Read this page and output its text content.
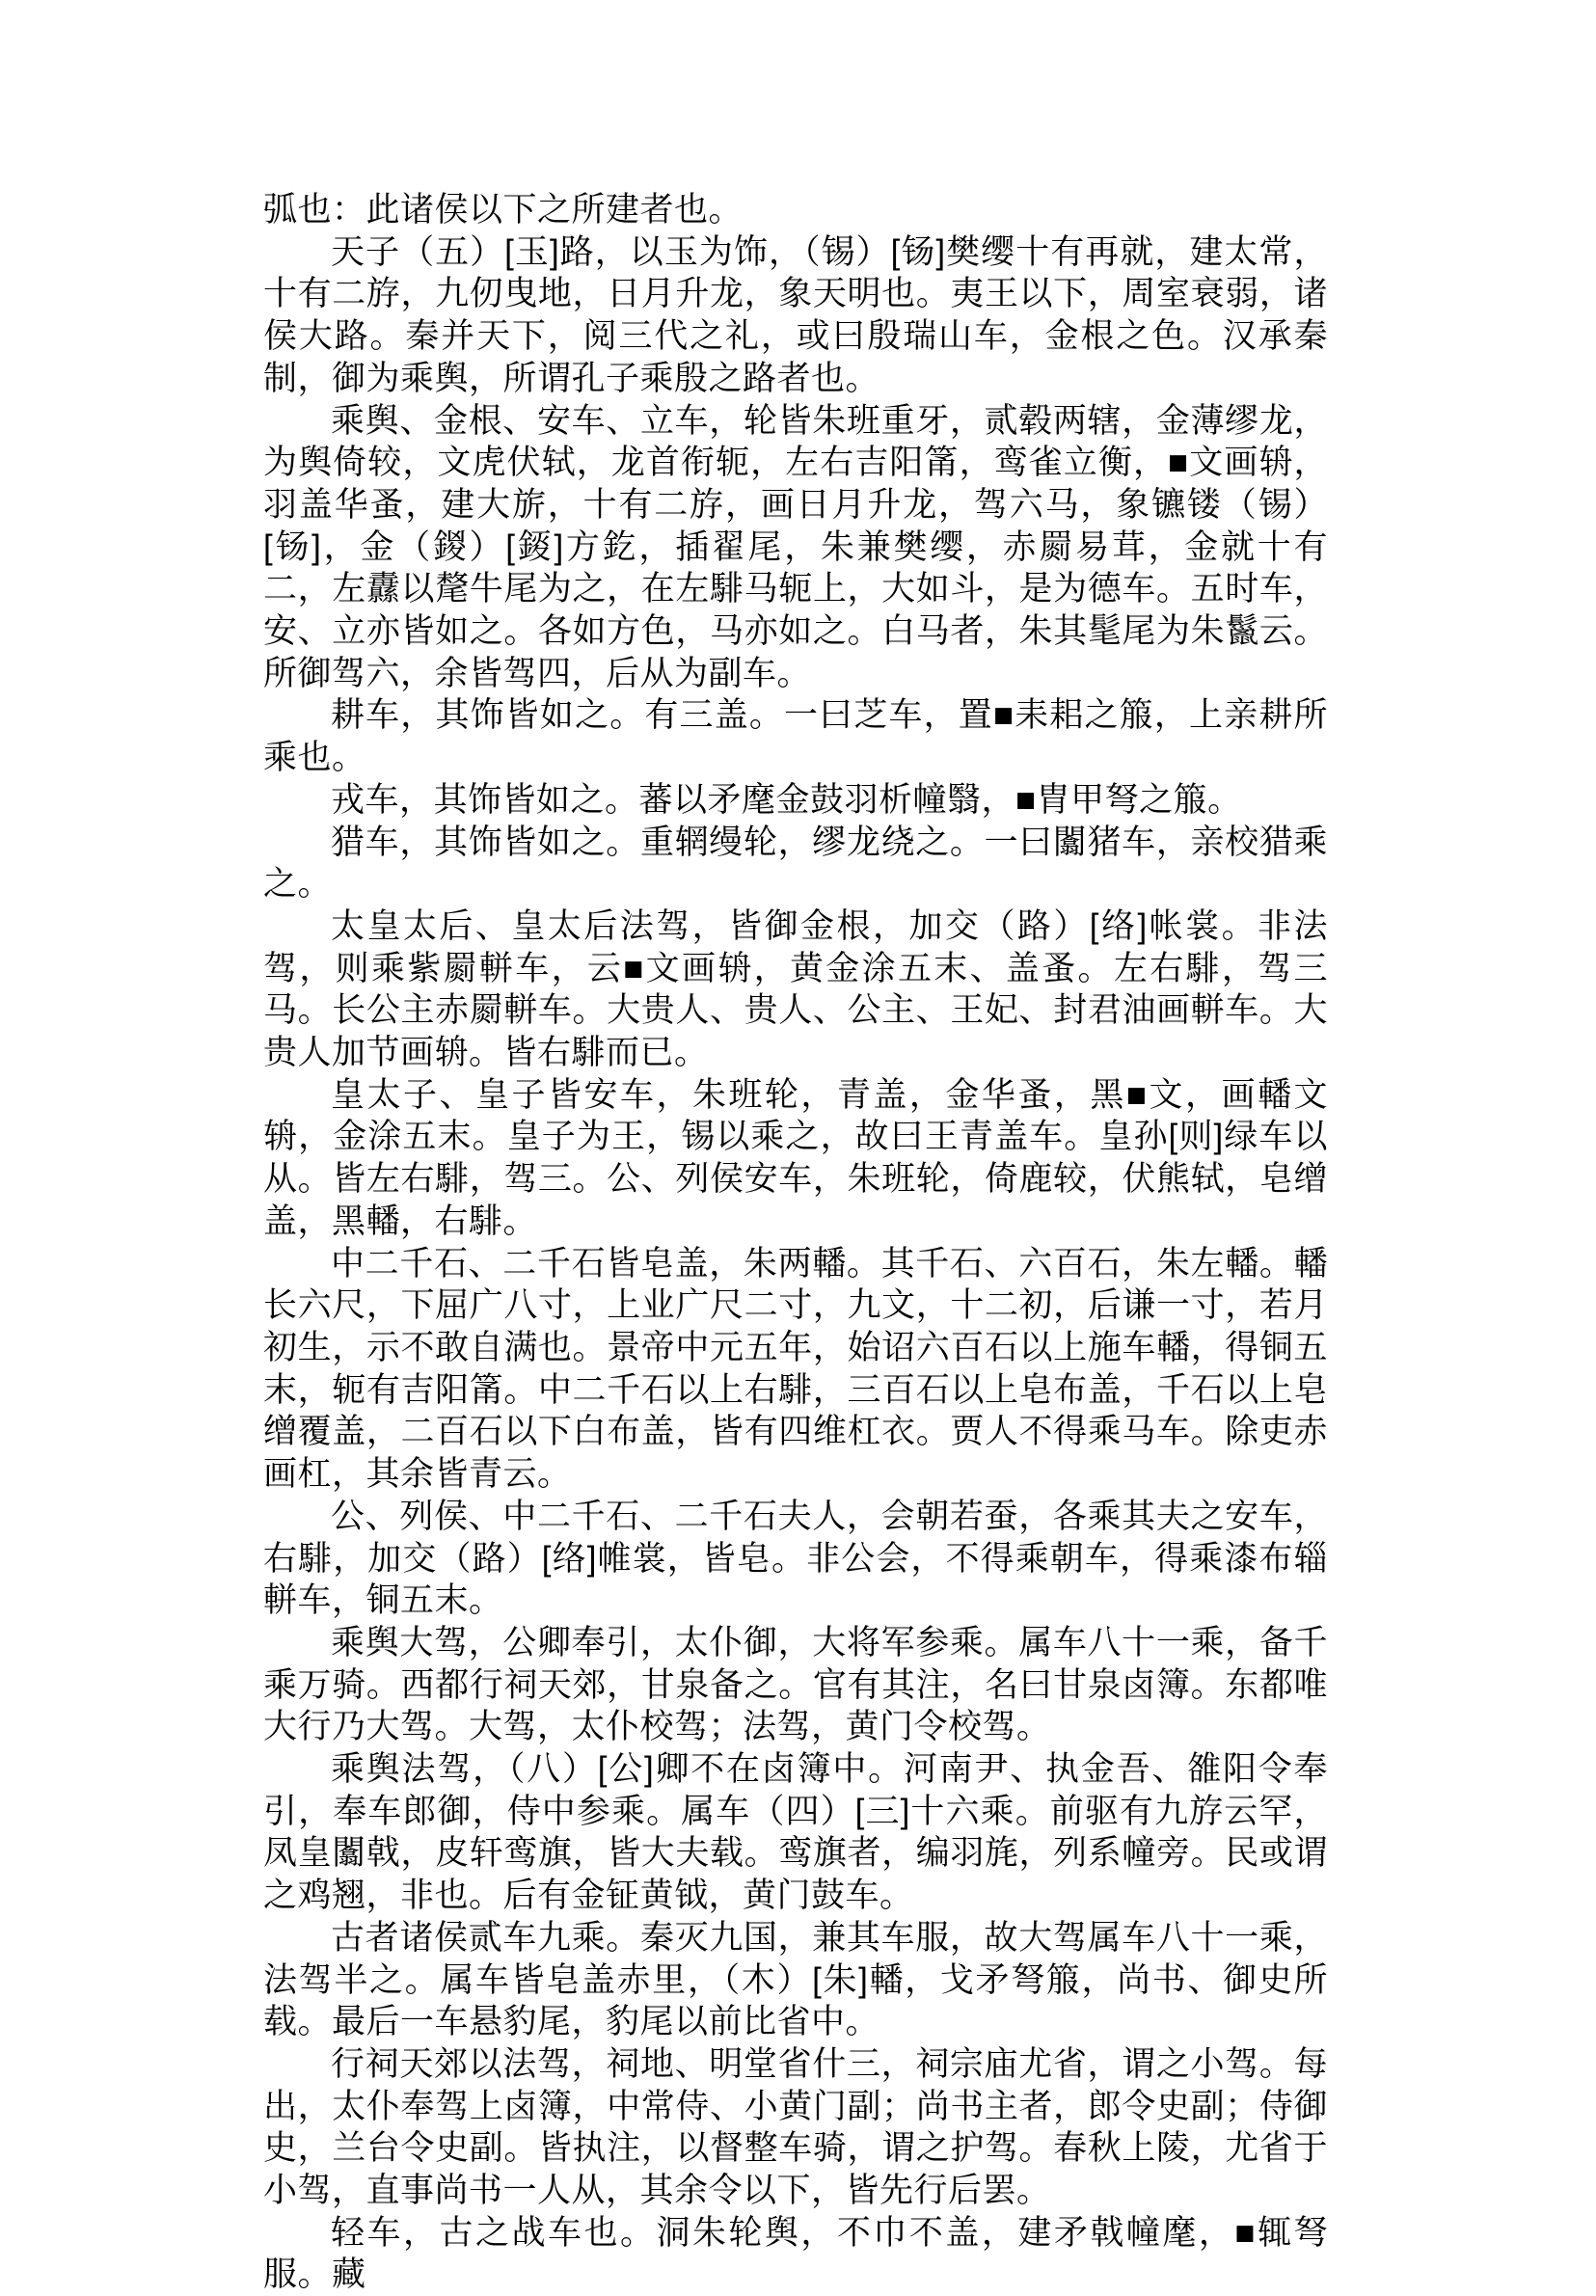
弧也：此诸侯以下之所建者也。

天子（五）[玉]路，以玉为饰，（锡）[钖]樊缨十有再就，建太常，十有二斿，九仞曳地，日月升龙，象天明也。夷王以下，周室衰弱，诸侯大路。秦并天下，阅三代之礼，或曰殷瑞山车，金根之色。汉承秦制，御为乘舆，所谓孔子乘殷之路者也。

乘舆、金根、安车、立车，轮皆朱班重牙，贰毂两辖，金薄缪龙，为舆倚较，文虎伏轼，龙首衔轭，左右吉阳筩，鸾雀立衡，■文画辀，羽盖华蚤，建大旂，十有二斿，画日月升龙，驾六马，象镳镂（锡）[钖]，金（鍐）[錽]方釳，插翟尾，朱兼樊缨，赤罽易茸，金就十有二，左纛以氂牛尾为之，在左騑马轭上，大如斗，是为德车。五时车，安、立亦皆如之。各如方色，马亦如之。白马者，朱其髦尾为朱鬣云。所御驾六，余皆驾四，后从为副车。

耕车，其饰皆如之。有三盖。一曰芝车，置■耒耜之箙，上亲耕所乘也。

戎车，其饰皆如之。蕃以矛麾金鼓羽析幢翳，■胄甲弩之箙。

猎车，其饰皆如之。重辋缦轮，缪龙绕之。一曰闟猪车，亲校猎乘之。

太皇太后、皇太后法驾，皆御金根，加交（路）[络]帐裳。非法驾，则乘紫罽軿车，云■文画辀，黄金涂五末、盖蚤。左右騑，驾三马。长公主赤罽軿车。大贵人、贵人、公主、王妃、封君油画軿车。大贵人加节画辀。皆右騑而已。

皇太子、皇子皆安车，朱班轮，青盖，金华蚤，黑■文，画轓文辀，金涂五末。皇子为王，锡以乘之，故曰王青盖车。皇孙[则]绿车以从。皆左右騑，驾三。公、列侯安车，朱班轮，倚鹿较，伏熊轼，皂缯盖，黑轓，右騑。

中二千石、二千石皆皂盖，朱两轓。其千石、六百石，朱左轓。轓长六尺，下屈广八寸，上业广尺二寸，九文，十二初，后谦一寸，若月初生，示不敢自满也。景帝中元五年，始诏六百石以上施车轓，得铜五末，轭有吉阳筩。中二千石以上右騑，三百石以上皂布盖，千石以上皂缯覆盖，二百石以下白布盖，皆有四维杠衣。贾人不得乘马车。除吏赤画杠，其余皆青云。

公、列侯、中二千石、二千石夫人，会朝若蚕，各乘其夫之安车，右騑，加交（路）[络]帷裳，皆皂。非公会，不得乘朝车，得乘漆布辎軿车，铜五末。

乘舆大驾，公卿奉引，太仆御，大将军参乘。属车八十一乘，备千乘万骑。西都行祠天郊，甘泉备之。官有其注，名曰甘泉卤簿。东都唯大行乃大驾。大驾，太仆校驾；法驾，黄门令校驾。

乘舆法驾，（八）[公]卿不在卤簿中。河南尹、执金吾、雒阳令奉引，奉车郎御，侍中参乘。属车（四）[三]十六乘。前驱有九斿云罕，凤皇闟戟，皮轩鸾旗，皆大夫载。鸾旗者，编羽旄，列系幢旁。民或谓之鸡翘，非也。后有金钲黄钺，黄门鼓车。

古者诸侯贰车九乘。秦灭九国，兼其车服，故大驾属车八十一乘，法驾半之。属车皆皂盖赤里，（木）[朱]轓，戈矛弩箙，尚书、御史所载。最后一车悬豹尾，豹尾以前比省中。

行祠天郊以法驾，祠地、明堂省什三，祠宗庙尤省，谓之小驾。每出，太仆奉驾上卤簿，中常侍、小黄门副；尚书主者，郎令史副；侍御史，兰台令史副。皆执注，以督整车骑，谓之护驾。春秋上陵，尤省于小驾，直事尚书一人从，其余令以下，皆先行后罢。

轻车，古之战车也。洞朱轮舆，不巾不盖，建矛戟幢麾，■辄弩服。藏
